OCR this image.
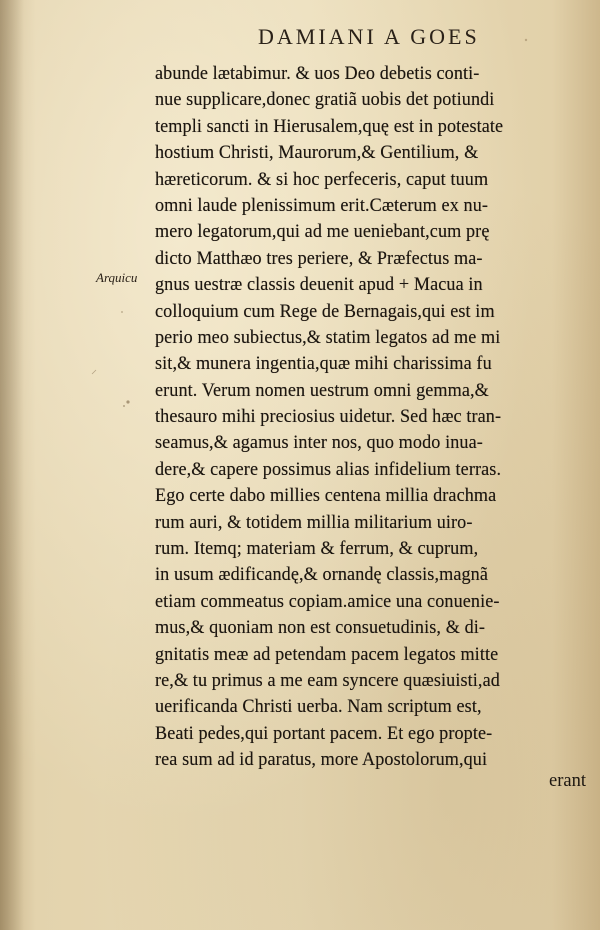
DAMIANI A GOES
Arquicu
abunde lætabimur. & uos Deo debetis conti-
nue supplicare,donec gratiã uobis det potiundi
templi sancti in Hierusalem,quę est in potestate
hostium Christi, Maurorum,& Gentilium, &
hæreticorum. & si hoc perfeceris, caput tuum
omni laude plenissimum erit.Cæterum ex nu-
mero legatorum,qui ad me ueniebant,cum prę
dicto Matthæo tres periere, & Præfectus ma-
gnus uestræ classis deuenit apud + Macua in
colloquium cum Rege de Bernagais,qui est im
perio meo subiectus,& statim legatos ad me mi
sit,& munera ingentia,quæ mihi charissima fu
erunt. Verum nomen uestrum omni gemma,&
thesauro mihi preciosius uidetur. Sed hæc tran-
seamus,& agamus inter nos, quo modo inua-
dere,& capere possimus alias infidelium terras.
Ego certe dabo millies centena millia drachma
rum auri, & totidem millia militarium uiro-
rum. Itemq; materiam & ferrum, & cuprum,
in usum ædificandę,& ornandę classis,magnã
etiam commeatus copiam.amice una conuenie-
mus,& quoniam non est consuetudinis, & di-
gnitatis meæ ad petendam pacem legatos mitte
re,& tu primus a me eam syncere quæsiuisti,ad
uerificanda Christi uerba. Nam scriptum est,
Beati pedes,qui portant pacem. Et ego propte-
rea sum ad id paratus, more Apostolorum,qui
erant
